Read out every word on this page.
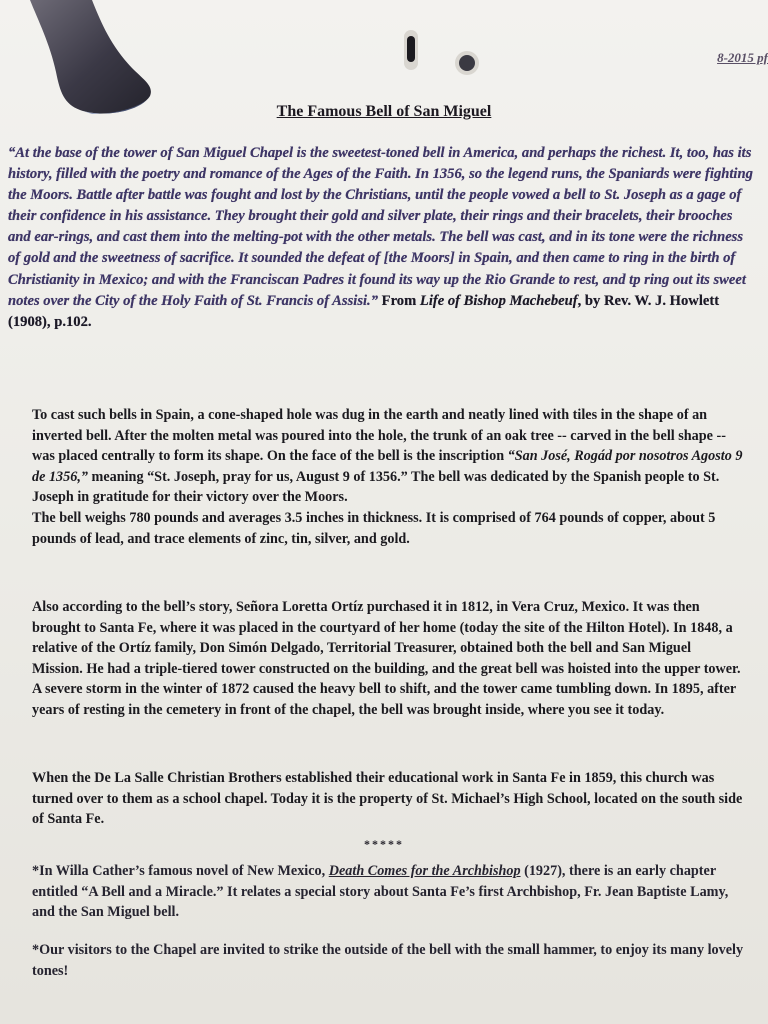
8-2015 pf
The Famous Bell of San Miguel
“At the base of the tower of San Miguel Chapel is the sweetest-toned bell in America, and perhaps the richest. It, too, has its history, filled with the poetry and romance of the Ages of the Faith. In 1356, so the legend runs, the Spaniards were fighting the Moors. Battle after battle was fought and lost by the Christians, until the people vowed a bell to St. Joseph as a gage of their confidence in his assistance. They brought their gold and silver plate, their rings and their bracelets, their brooches and ear-rings, and cast them into the melting-pot with the other metals. The bell was cast, and in its tone were the richness of gold and the sweetness of sacrifice. It sounded the defeat of [the Moors] in Spain, and then came to ring in the birth of Christianity in Mexico; and with the Franciscan Padres it found its way up the Rio Grande to rest, and tp ring out its sweet notes over the City of the Holy Faith of St. Francis of Assisi.” From Life of Bishop Machebeuf, by Rev. W. J. Howlett (1908), p.102.
To cast such bells in Spain, a cone-shaped hole was dug in the earth and neatly lined with tiles in the shape of an inverted bell. After the molten metal was poured into the hole, the trunk of an oak tree -- carved in the bell shape -- was placed centrally to form its shape. On the face of the bell is the inscription “San José, Rogád por nosotros Agosto 9 de 1356,” meaning “St. Joseph, pray for us, August 9 of 1356.” The bell was dedicated by the Spanish people to St. Joseph in gratitude for their victory over the Moors.
The bell weighs 780 pounds and averages 3.5 inches in thickness. It is comprised of 764 pounds of copper, about 5 pounds of lead, and trace elements of zinc, tin, silver, and gold.
Also according to the bell’s story, Señora Loretta Ortíz purchased it in 1812, in Vera Cruz, Mexico. It was then brought to Santa Fe, where it was placed in the courtyard of her home (today the site of the Hilton Hotel). In 1848, a relative of the Ortíz family, Don Simón Delgado, Territorial Treasurer, obtained both the bell and San Miguel Mission. He had a triple-tiered tower constructed on the building, and the great bell was hoisted into the upper tower. A severe storm in the winter of 1872 caused the heavy bell to shift, and the tower came tumbling down. In 1895, after years of resting in the cemetery in front of the chapel, the bell was brought inside, where you see it today.
When the De La Salle Christian Brothers established their educational work in Santa Fe in 1859, this church was turned over to them as a school chapel. Today it is the property of St. Michael’s High School, located on the south side of Santa Fe.
*****
*In Willa Cather’s famous novel of New Mexico, Death Comes for the Archbishop (1927), there is an early chapter entitled “A Bell and a Miracle.” It relates a special story about Santa Fe’s first Archbishop, Fr. Jean Baptiste Lamy, and the San Miguel bell.
*Our visitors to the Chapel are invited to strike the outside of the bell with the small hammer, to enjoy its many lovely tones!
